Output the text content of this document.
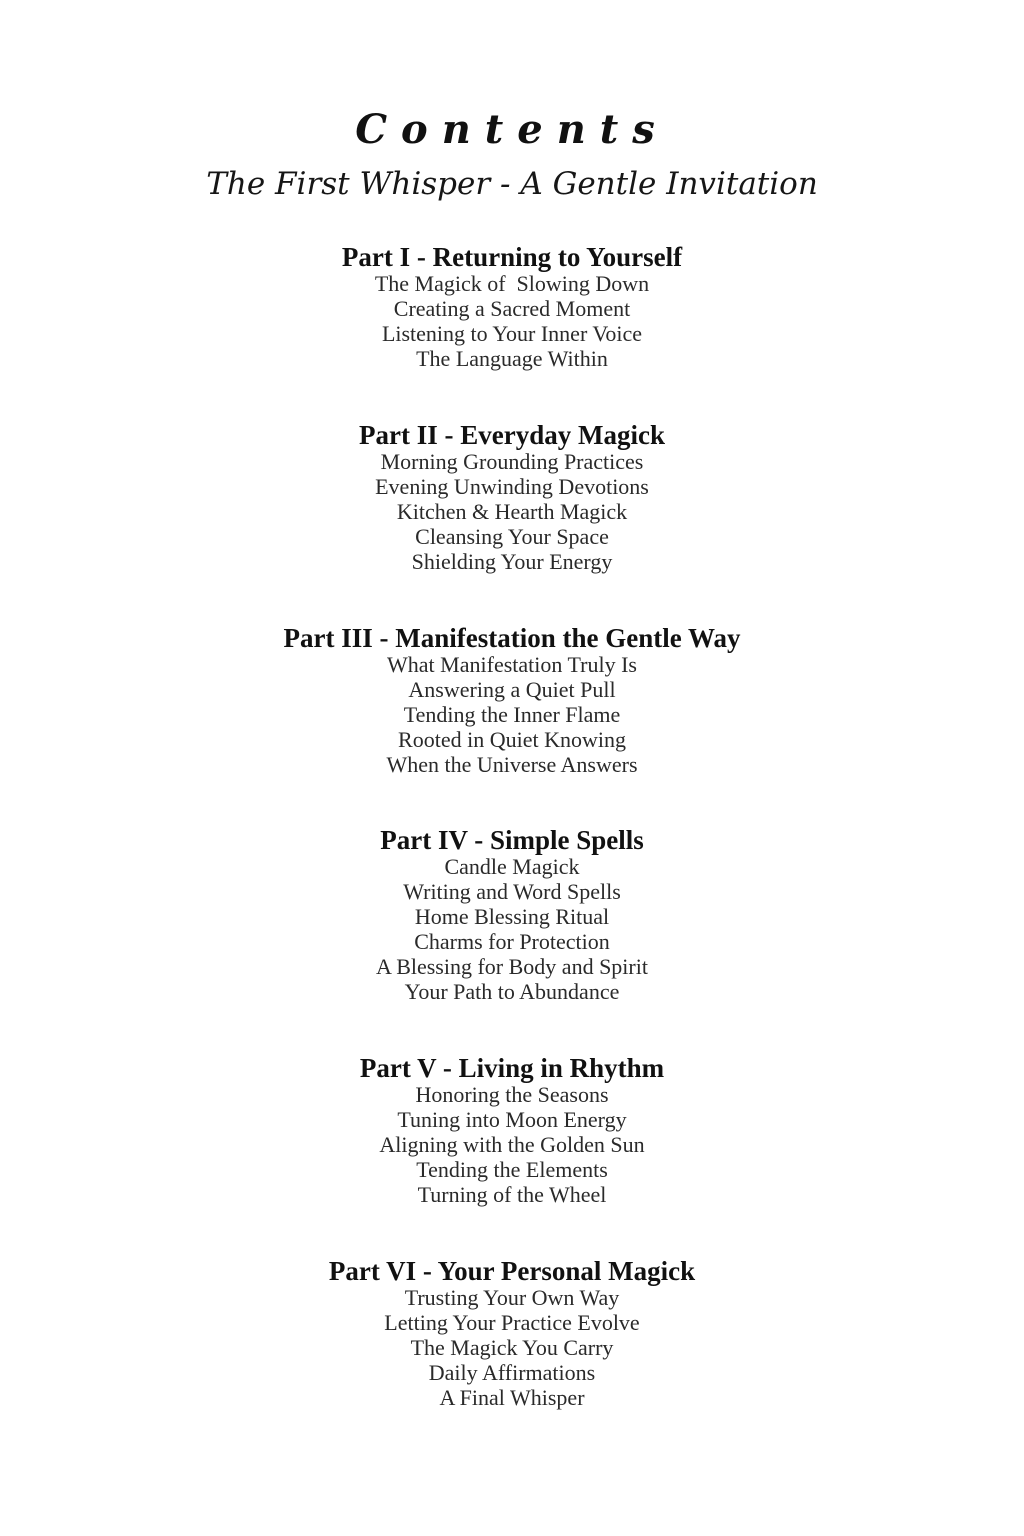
Contents
The First Whisper - A Gentle Invitation
Part I - Returning to Yourself
The Magick of  Slowing Down
Creating a Sacred Moment
Listening to Your Inner Voice
The Language Within
Part II - Everyday Magick
Morning Grounding Practices
Evening Unwinding Devotions
Kitchen & Hearth Magick
Cleansing Your Space
Shielding Your Energy
Part III - Manifestation the Gentle Way
What Manifestation Truly Is
Answering a Quiet Pull
Tending the Inner Flame
Rooted in Quiet Knowing
When the Universe Answers
Part IV - Simple Spells
Candle Magick
Writing and Word Spells
Home Blessing Ritual
Charms for Protection
A Blessing for Body and Spirit
Your Path to Abundance
Part V - Living in Rhythm
Honoring the Seasons
Tuning into Moon Energy
Aligning with the Golden Sun
Tending the Elements
Turning of the Wheel
Part VI - Your Personal Magick
Trusting Your Own Way
Letting Your Practice Evolve
The Magick You Carry
Daily Affirmations
A Final Whisper
